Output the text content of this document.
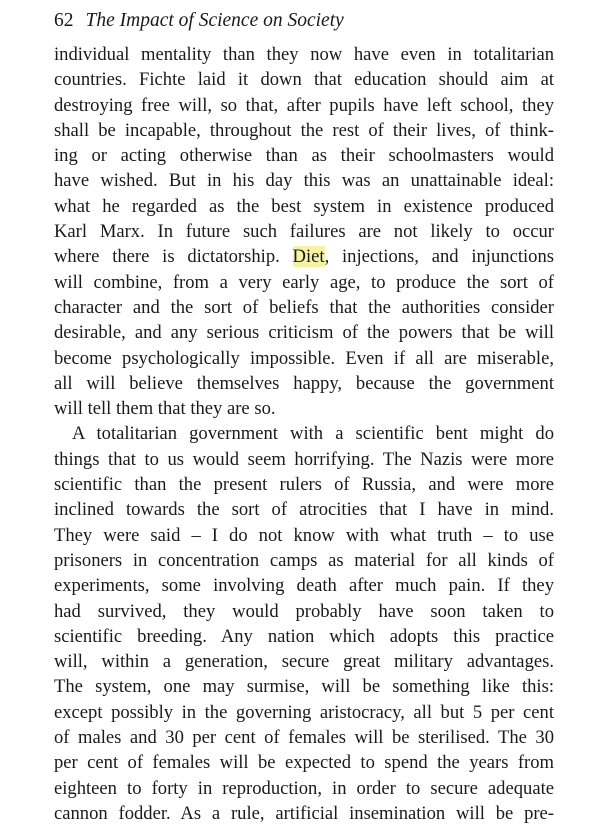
62 The Impact of Science on Society
individual mentality than they now have even in totalitarian
countries. Fichte laid it down that education should aim at
destroying free will, so that, after pupils have left school, they
shall be incapable, throughout the rest of their lives, of think-
ing or acting otherwise than as their schoolmasters would
have wished. But in his day this was an unattainable ideal:
what he regarded as the best system in existence produced
Karl Marx. In future such failures are not likely to occur
where there is dictatorship. Diet, injections, and injunctions
will combine, from a very early age, to produce the sort of
character and the sort of beliefs that the authorities consider
desirable, and any serious criticism of the powers that be will
become psychologically impossible. Even if all are miserable,
all will believe themselves happy, because the government
will tell them that they are so.
A totalitarian government with a scientific bent might do
things that to us would seem horrifying. The Nazis were more
scientific than the present rulers of Russia, and were more
inclined towards the sort of atrocities that I have in mind.
They were said – I do not know with what truth – to use
prisoners in concentration camps as material for all kinds of
experiments, some involving death after much pain. If they
had survived, they would probably have soon taken to
scientific breeding. Any nation which adopts this practice
will, within a generation, secure great military advantages.
The system, one may surmise, will be something like this:
except possibly in the governing aristocracy, all but 5 per cent
of males and 30 per cent of females will be sterilised. The 30
per cent of females will be expected to spend the years from
eighteen to forty in reproduction, in order to secure adequate
cannon fodder. As a rule, artificial insemination will be pre-
